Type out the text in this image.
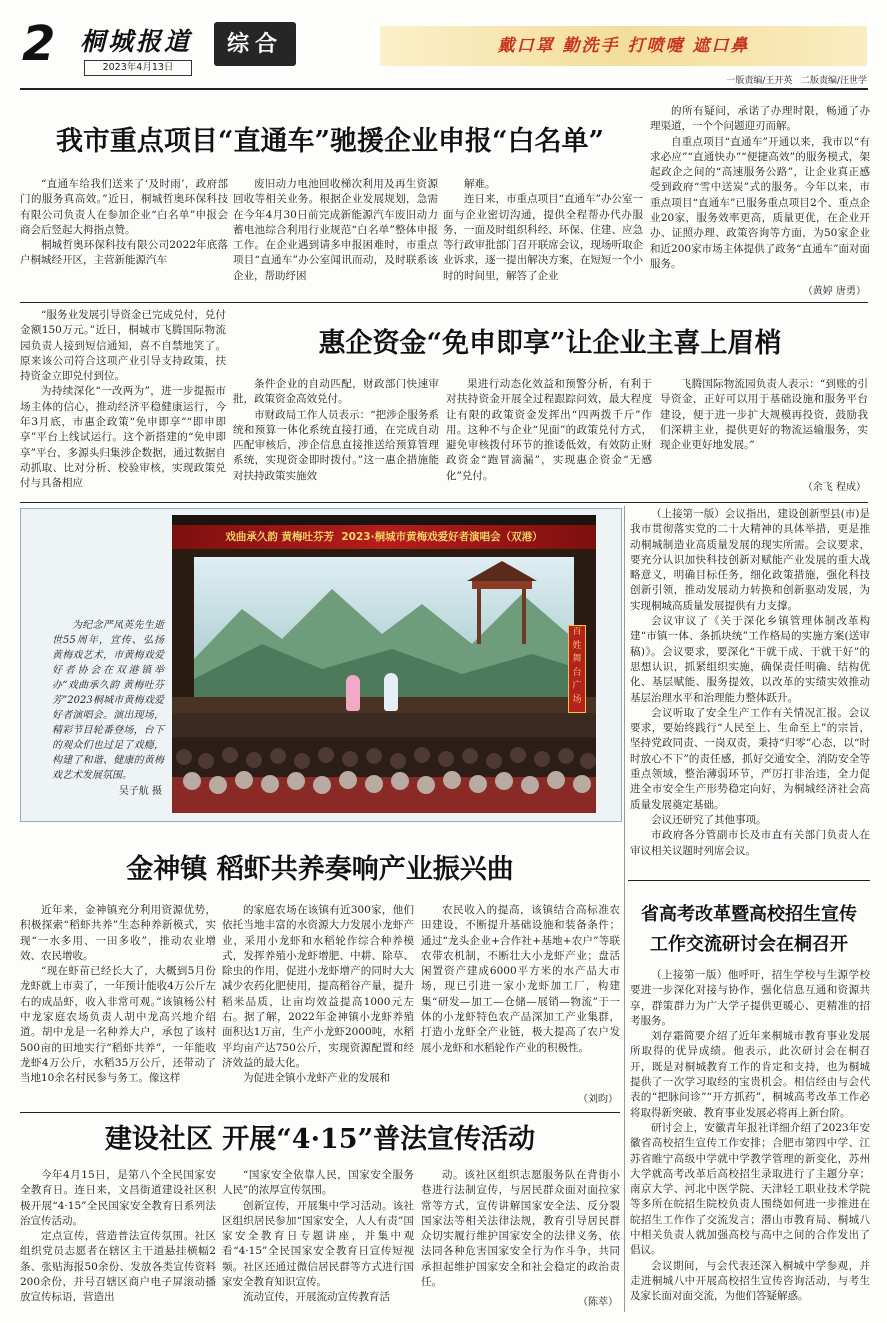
2 桐城报道
2023年4月13日
综合	戴口罩 勤洗手 打喷嚏 遮口鼻
一版责编/王开英   二版责编/汪世学
我市重点项目“直通车”驰援企业申报“白名单”

“直通车给我们送来了‘及时雨’，政府部门的服务真高效。”近日，桐城哲奥环保科技有限公司负责人在参加企业“白名单”申报会商会后竖起大拇指点赞。

桐城哲奥环保科技有限公司2022年底落户桐城经开区，主营新能源汽车

废旧动力电池回收梯次利用及再生资源回收等相关业务。根据企业发展规划，急需在今年4月30日前完成新能源汽车废旧动力蓄电池综合利用行业规范“白名单”整体申报工作。在企业遇到请多申报困难时，市重点项目“直通车”办公室闻讯而动，及时联系该企业，帮助纾困

解难。

连日来，市重点项目“直通车”办公室一面与企业密切沟通，提供全程帮办代办服务，一面及时组织科经、环保、住建、应急等行政审批部门召开联席会议，现场听取企业诉求，逐一提出解决方案，在短短一个小时的时间里，解答了企业

的所有疑问，承诺了办理时限，畅通了办理渠道，一个个问题迎刃而解。

自重点项目“直通车”开通以来，我市以“有求必应”“直通快办”“便捷高效”的服务模式，架起政企之间的“高速服务公路”，让企业真正感受到政府“雪中送炭”式的服务。今年以来，市重点项目“直通车”已服务重点项目2个、重点企业20家，服务效率更高，质量更优，在企业开办、证照办理、政策咨询等方面，为50家企业和近200家市场主体提供了政务“直通车”面对面服务。

（黄婷 唐勇）
惠企资金“免申即享”让企业主喜上眉梢

“服务业发展引导资金已完成兑付，兑付金额150万元。”近日，桐城市飞腾国际物流园负责人接到短信通知，喜不自禁地笑了。原来该公司符合这项产业引导支持政策，扶持资金立即兑付到位。

为持续深化“一改两为”，进一步提振市场主体的信心，推动经济平稳健康运行，今年3月底，市惠企政策“免申即享”“即申即享”平台上线试运行。这个新搭建的“免申即享”平台，多源头归集涉企数据，通过数据自动抓取、比对分析、校验审核，实现政策兑付与具备相应

条件企业的自动匹配，财政部门快速审批，政策资金高效兑付。

市财政局工作人员表示：“把涉企服务系统和预算一体化系统直接打通，在完成自动匹配审核后，涉企信息直接推送给预算管理系统，实现资金即时拨付。”这一惠企措施能对扶持政策实施效

果进行动态化效益和预警分析，有利于对扶持资金开展全过程跟踪问效，最大程度让有限的政策资金发挥出“四两拨千斤”作用。这种不与企业“见面”的政策兑付方式，避免审核拨付环节的推诿低效，有效防止财政资金“跑冒滴漏”，实现惠企资金“无感化”兑付。

飞腾国际物流园负责人表示：“到账的引导资金，正好可以用于基础设施和服务平台建设，便于进一步扩大规模再投资，鼓励我们深耕主业，提供更好的物流运输服务，实现企业更好地发展。”

（余飞 程成）

为纪念严凤英先生逝世55周年，宣传、弘扬黄梅戏艺术，市黄梅戏爱好者协会在双港镇举办“戏曲承久韵 黄梅吐芬芳”2023桐城市黄梅戏爱好者演唱会。演出现场，精彩节目轮番登场，台下的观众们也过足了戏瘾，构建了和谐、健康的黄梅戏艺术发展氛围。

吴子航 摄
戏曲承久韵 黄梅吐芬芳  2023·桐城市黄梅戏爱好者演唱会（双港）
百姓舞台广场

（上接第一版）会议指出，建设创新型县(市)是我市贯彻落实党的二十大精神的具体举措，更是推动桐城制造业高质量发展的现实所需。会议要求，要充分认识加快科技创新对赋能产业发展的重大战略意义，明确目标任务，细化政策措施，强化科技创新引领，推动发展动力转换和创新驱动发展，为实现桐城高质量发展提供有力支撑。

会议审议了《关于深化乡镇管理体制改革构建“市镇一体、条抓块统”工作格局的实施方案(送审稿)》。会议要求，要深化“干就干成、干就干好”的思想认识，抓紧组织实施，确保责任明确、结构优化、基层赋能、服务提效，以改革的实绩实效推动基层治理水平和治理能力整体跃升。

会议听取了安全生产工作有关情况汇报。会议要求，要始终践行“人民至上、生命至上”的宗旨，坚持党政同责、一岗双责，秉持“归零”心态，以“时时放心不下”的责任感，抓好交通安全、消防安全等重点领域，整治薄弱环节，严厉打非治违，全力促进全市安全生产形势稳定向好，为桐城经济社会高质量发展奠定基础。

会议还研究了其他事项。

市政府各分管副市长及市直有关部门负责人在审议相关议题时列席会议。

金神镇 稻虾共养奏响产业振兴曲

近年来，金神镇充分利用资源优势，积极探索“稻虾共养”生态种养新模式，实现“一水多用、一田多收”，推动农业增效、农民增收。

“现在虾苗已经长大了，大概到5月份龙虾就上市卖了，一年预计能收4万公斤左右的成品虾，收入非常可观。”该镇杨公村中龙家庭农场负责人胡中龙高兴地介绍道。胡中龙是一名种养大户，承包了该村500亩的田地实行“稻虾共养”，一年能收龙虾4万公斤，水稻35万公斤，还带动了当地10余名村民参与务工。像这样

的家庭农场在该镇有近300家，他们依托当地丰富的水资源大力发展小龙虾产业，采用小龙虾和水稻轮作综合种养模式，发挥养殖小龙虾增肥、中耕、除草、除虫的作用，促进小龙虾增产的同时大大减少农药化肥使用，提高稻谷产量，提升稻米品质，让亩均效益提高1000元左右。据了解，2022年金神镇小龙虾养殖面积达1万亩，生产小龙虾2000吨，水稻平均亩产达750公斤，实现资源配置和经济效益的最大化。

为促进全镇小龙虾产业的发展和

农民收入的提高，该镇结合高标准农田建设，不断提升基础设施和装备条件；通过“龙头企业+合作社+基地+农户”等联农带农机制，不断壮大小龙虾产业；盘活闲置资产建成6000平方米的水产品大市场，现已引进一家小龙虾加工厂，构建集“研发—加工—仓储—展销—物流”于一体的小龙虾特色农产品深加工产业集群，打造小龙虾全产业链，极大提高了农户发展小龙虾和水稻轮作产业的积极性。

（刘昀）
建设社区 开展“4·15”普法宣传活动

今年4月15日，是第八个全民国家安全教育日。连日来，文昌街道建设社区积极开展“4·15”全民国家安全教育日系列法治宣传活动。

定点宣传，营造普法宣传氛围。社区组织党员志愿者在辖区主干道悬挂横幅2条、张贴海报50余份、发放各类宣传资料200余份，并号召辖区商户电子屏滚动播放宣传标语，营造出

“国家安全依靠人民，国家安全服务人民”的浓厚宣传氛围。

创新宣传，开展集中学习活动。该社区组织居民参加“国家安全，人人有责”国家安全教育日专题讲座，并集中观看“4·15”全民国家安全教育日宣传短视频。社区还通过微信居民群等方式进行国家安全教育知识宣传。

流动宣传，开展流动宣传教育活

动。该社区组织志愿服务队在背街小巷进行法制宣传，与居民群众面对面拉家常等方式，宣传讲解国家安全法、反分裂国家法等相关法律法规，教育引导居民群众切实履行维护国家安全的法律义务，依法同各种危害国家安全行为作斗争，共同承担起维护国家安全和社会稳定的政治责任。

（陈萃）
省高考改革暨高校招生宣传
工作交流研讨会在桐召开

（上接第一版）他呼吁，招生学校与生源学校要进一步深化对接与协作，强化信息互通和资源共享，群策群力为广大学子提供更暖心、更精准的招考服务。

刘存霜简要介绍了近年来桐城市教育事业发展所取得的优异成绩。他表示，此次研讨会在桐召开，既是对桐城教育工作的肯定和支持，也为桐城提供了一次学习取经的宝贵机会。相信经由与会代表的“把脉问诊”“开方抓药”，桐城高考改革工作必将取得新突破、教育事业发展必将再上新台阶。

研讨会上，安徽青年报社详细介绍了2023年安徽省高校招生宣传工作安排；合肥市第四中学、江苏省睢宁高级中学就中学教学管理的新变化，苏州大学就高考改革后高校招生录取进行了主题分享；南京大学、河北中医学院、天津轻工职业技术学院等多所在皖招生院校负责人围绕如何进一步推进在皖招生工作作了交流发言；潜山市教育局、桐城八中相关负责人就加强高校与高中之间的合作发出了倡议。

会议期间，与会代表还深入桐城中学参观，并走进桐城八中开展高校招生宣传咨询活动，与考生及家长面对面交流，为他们答疑解惑。
